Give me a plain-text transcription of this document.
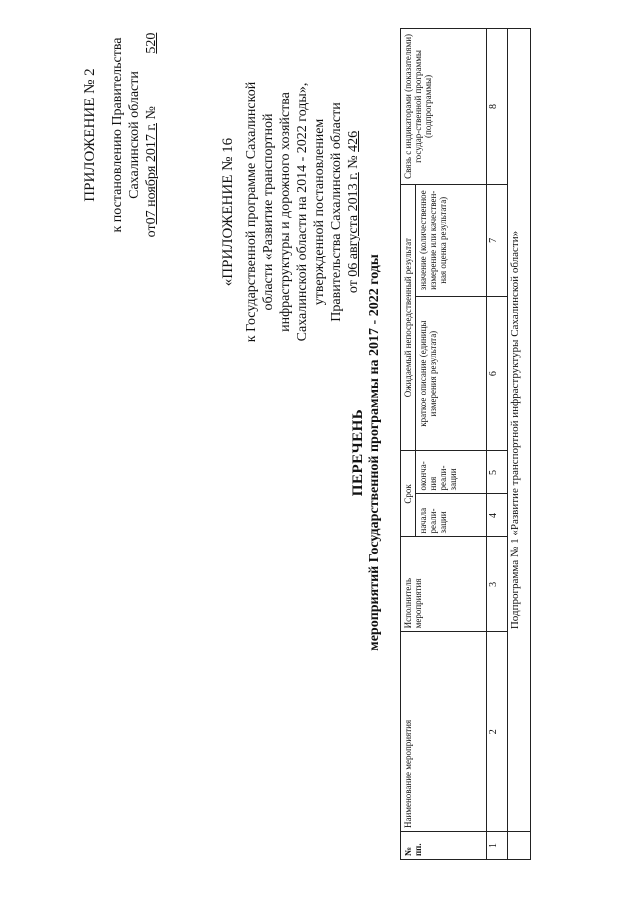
ПРИЛОЖЕНИЕ № 2 к постановлению Правительства Сахалинской области
от07 ноября 2017 г. № 520
«ПРИЛОЖЕНИЕ № 16 к Государственной программе Сахалинской области «Развитие транспортной инфраструктуры и дорожного хозяйства Сахалинской области на 2014 - 2022 годы», утвержденной постановлением Правительства Сахалинской области от 06 августа 2013 г. № 426
ПЕРЕЧЕНЬ мероприятий Государственной программы на 2017 - 2022 годы
№ пп.	Наименование мероприятия	Исполнитель мероприятия	Срок		Ожидаемый непосредственный результат		Связь с индикаторами (показателями) государ-ственной программы (подпрограммы)
			начала реали-зации	оконча-ния реали-зации	краткое описание (единицы измерения результата)	значение (количественное измерение или качествен-ная оценка результата)	
1	2	3	4	5	6	7	8
	Подпрограмма № 1 «Развитие транспортной инфраструктуры Сахалинской области»						
